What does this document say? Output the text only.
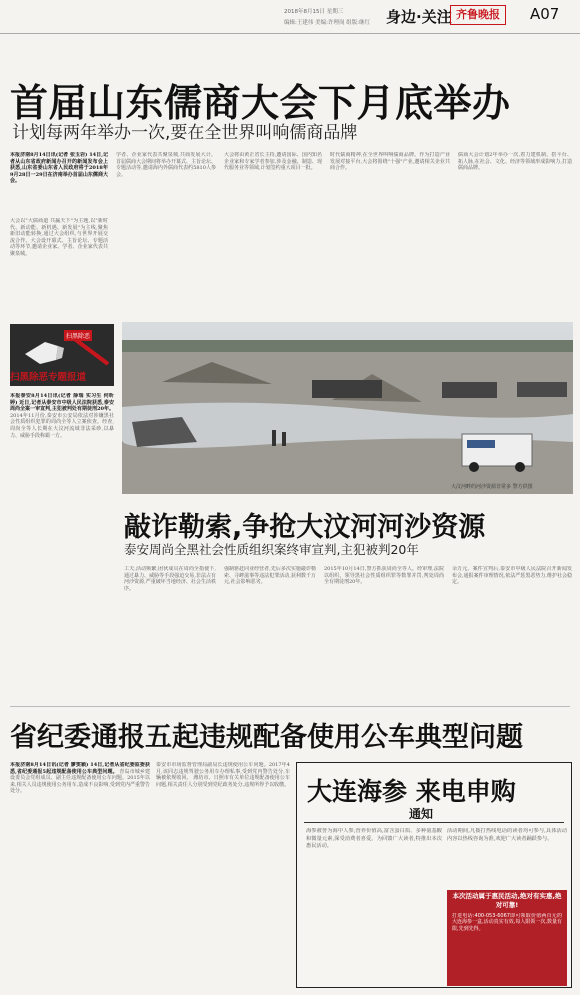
2018年8月15日 星期三
编辑:王建伟 美编:许理岗 组版:继红 身边·关注 齐鲁晚报	A07
首届山东儒商大会下月底举办
计划每两年举办一次,要在全世界叫响儒商品牌
本报济南8月14日讯(记者 张玉岩) 14日,记者从山东省政府新闻办召开的新闻发布会上获悉,山东省委山东省人民政府将于2018年9月28日一29日在济南举办首届山东儒商大会。
大会以"大儒商道 共赢天下"为主题,以"新时代、新动能、新机遇、新发展"为主线,聚焦新旧动能转换,通过大会组织,与世界开展交流合作。大会设开幕式、主旨论坛、专题活动等环节,邀请企业家、学者、企业家代表共聚泉城。
学者、企业家代表共聚泉城,共商发展大计。首届儒商大会期间将举办开幕式、主旨论坛、专题活动等,邀请海内外儒商代表约5810人参会。
大会将由黄正省长主持,邀请国际、国内知名企业家和专家学者参加,涉及金融、制造、现代服务业等领域,计划签约重大项目一批。
时代儒商精神,在全世界叫响儒商品牌。作为打造产业发展对接平台,大会将围绕"十强"产业,邀请相关企业共商合作。
儒商大会计划2年举办一次,着力建机制、搭平台、拓人脉,在社会、文化、经济等领域形成影响力,打造儒商品牌。
扫黑除恶
扫黑除恶专题报道
本报泰安8月14日讯(记者 薛瑞 实习生 何昕婷) 近日,记者从泰安市中级人民法院获悉,泰安周尚全案一审宣判,主犯被判处有期徒刑20年。 2014年11月份,泰安市公安局依法对涉嫌黑社会性质组织犯罪的周尚全等人立案侦查。经查,周尚全等人长期在大汶河流域非法采砂,以暴力、威胁手段称霸一方。
大汶河畔的河沙资源非常多 警方供图
敲诈勒索,争抢大汶河河沙资源
泰安周尚全黑社会性质组织案终审宣判,主犯被判20年
工夫,活动频繁,团伙成员在周尚全指使下,通过暴力、威胁等手段强迫交易,非法占有河沙资源,严重破坏当地经济、社会生活秩序。
强制驱赶同业经营者,先后多次实施敲诈勒索、寻衅滋事等违法犯罪活动,获利数千万元,社会影响恶劣。
2015年10月14日,警方抓获周尚全等人。经审理,法院以组织、领导黑社会性质组织罪等数罪并罚,判处周尚全有期徒刑20年。
余万元。案件宣判后,泰安市中级人民法院召开新闻发布会,通报案件审理情况,依法严惩黑恶势力,维护社会稳定。
省纪委通报五起违规配备使用公车典型问题
本报济南8月14日讯(记者 廖雯颖) 14日,记者从省纪委监委获悉,省纪委通报5起违规配备使用公车典型问题。 青岛市城乡建设委员会党组成员、副主任违规配备使用公车问题。2015年以来,相关人员违规使用公务用车,造成不良影响,受到党内严重警告处分。
泰安市市场监督管理局副局长违规使用公车问题。2017年4月,该同志违规驾驶公务用车办理私事,受到党内警告处分,车辆被依规收回。 潍坊市、日照市有关单位违规配备使用公车问题,相关责任人分别受到党纪政务处分,违规所得予以收缴。 大连海参 来电申购
通知
海参被誉为海中人参,营养价值高,富含蛋白质、多种氨基酸和微量元素,深受消费者喜爱。为回馈广大读者,特推出本次惠民活动。
活动期间,凡拨打热线电话的读者均可参与,具体活动内容以热线咨询为准,欢迎广大读者踊跃参与。
本次活动属于惠民活动,绝对有实惠,绝对可靠!
打进电话:400-053-6067即可领取价值两百元的大连海参一盒,活动真实有效,每人限领一次,数量有限,先到先得。
